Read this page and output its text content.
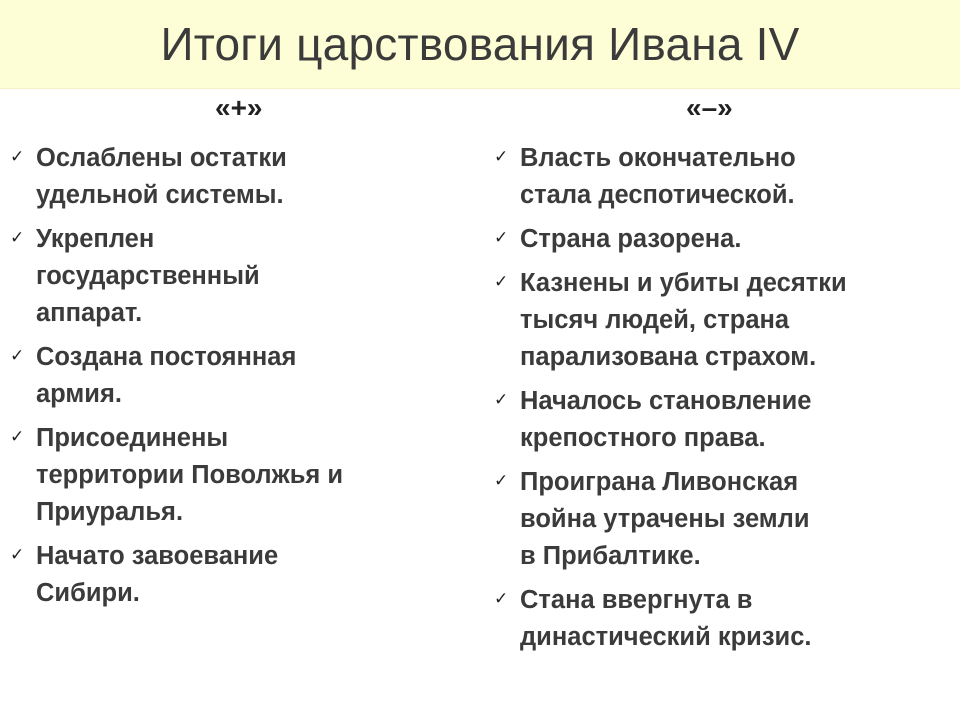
Итоги царствования Ивана IV
«+»	«–»
✓ Ослаблены остатки
удельной системы.
✓ Укреплен
государственный
аппарат.
✓ Создана постоянная
армия.
✓ Присоединены
территории Поволжья и
Приуралья.
✓ Начато завоевание
Сибири.
✓ Власть окончательно
стала деспотической.
✓ Страна разорена.
✓ Казнены и убиты десятки
тысяч людей, страна
парализована страхом.
✓ Началось становление
крепостного права.
✓ Проиграна Ливонская
война утрачены земли
в Прибалтике.
✓ Стана ввергнута в
династический кризис.
